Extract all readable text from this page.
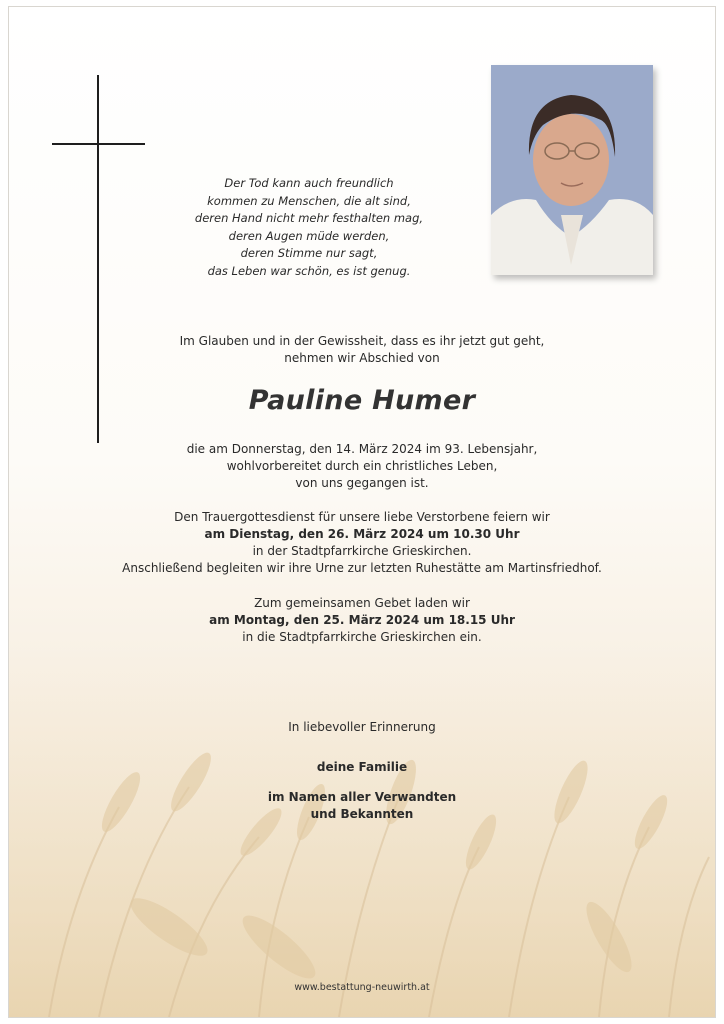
Der Tod kann auch freundlich
kommen zu Menschen, die alt sind,
deren Hand nicht mehr festhalten mag,
deren Augen müde werden,
deren Stimme nur sagt,
das Leben war schön, es ist genug.
Im Glauben und in der Gewissheit, dass es ihr jetzt gut geht,
nehmen wir Abschied von
Pauline Humer
die am Donnerstag, den 14. März 2024 im 93. Lebensjahr,
wohlvorbereitet durch ein christliches Leben,
von uns gegangen ist.
Den Trauergottesdienst für unsere liebe Verstorbene feiern wir
am Dienstag, den 26. März 2024 um 10.30 Uhr
in der Stadtpfarrkirche Grieskirchen.
Anschließend begleiten wir ihre Urne zur letzten Ruhestätte am Martinsfriedhof.
Zum gemeinsamen Gebet laden wir
am Montag, den 25. März 2024 um 18.15 Uhr
in die Stadtpfarrkirche Grieskirchen ein.
In liebevoller Erinnerung
deine Familie
im Namen aller Verwandten
und Bekannten
www.bestattung-neuwirth.at
